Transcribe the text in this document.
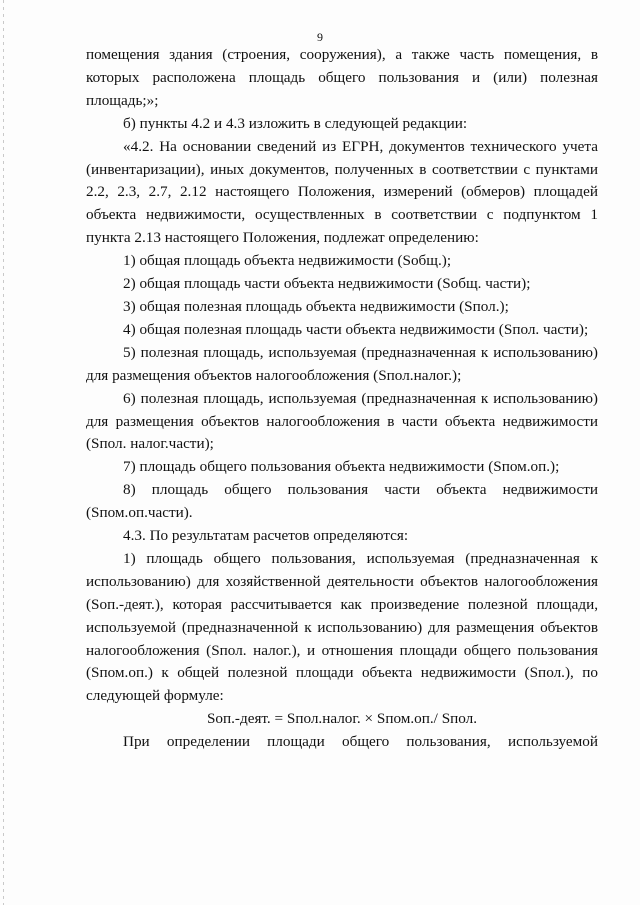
9

помещения здания (строения, сооружения), а также часть помещения, в которых расположена площадь общего пользования и (или) полезная площадь;»;

б) пункты 4.2 и 4.3 изложить в следующей редакции:

«4.2. На основании сведений из ЕГРН, документов технического учета (инвентаризации), иных документов, полученных в соответствии с пунктами 2.2, 2.3, 2.7, 2.12 настоящего Положения, измерений (обмеров) площадей объекта недвижимости, осуществленных в соответствии с подпунктом 1 пункта 2.13 настоящего Положения, подлежат определению:

1) общая площадь объекта недвижимости (Sобщ.);

2) общая площадь части объекта недвижимости (Sобщ. части);

3) общая полезная площадь объекта недвижимости (Sпол.);

4) общая полезная площадь части объекта недвижимости (Sпол. части);

5) полезная площадь, используемая (предназначенная к использованию) для размещения объектов налогообложения (Sпол.налог.);

6) полезная площадь, используемая (предназначенная к использованию) для размещения объектов налогообложения в части объекта недвижимости (Sпол. налог.части);

7) площадь общего пользования объекта недвижимости (Sпом.оп.);

8) площадь общего пользования части объекта недвижимости (Sпом.оп.части).

4.3. По результатам расчетов определяются:

1) площадь общего пользования, используемая (предназначенная к использованию) для хозяйственной деятельности объектов налогообложения (Sоп.-деят.), которая рассчитывается как произведение полезной площади, используемой (предназначенной к использованию) для размещения объектов налогообложения (Sпол. налог.), и отношения площади общего пользования (Sпом.оп.) к общей полезной площади объекта недвижимости (Sпол.), по следующей формуле:

Sоп.-деят. = Sпол.налог. × Sпом.оп./ Sпол.

При определении площади общего пользования, используемой
